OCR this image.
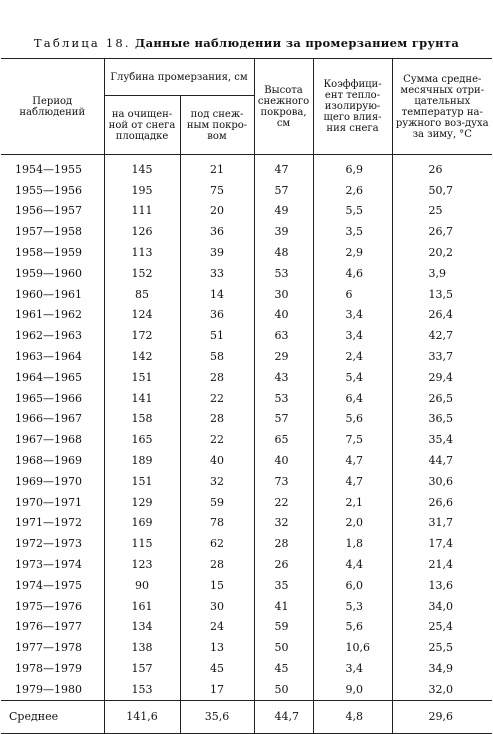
Таблица 18. Данные наблюдении за промерзанием грунта
Период наблюдений	Глубина промерзания, см		Высота снежного покрова, см	Коэффици-ент тепло-изолирую-щего влия-ния снега	Сумма средне-месячных отри-цательных температур на-ружного воз-духа за зиму, °С
	на очищен-ной от снега площадке	под снеж-ным покро-вом			
1954—1955	145	21	47	6,9	26
1955—1956	195	75	57	2,6	50,7
1956—1957	111	20	49	5,5	25
1957—1958	126	36	39	3,5	26,7
1958—1959	113	39	48	2,9	20,2
1959—1960	152	33	53	4,6	3,9
1960—1961	85	14	30	6	13,5
1961—1962	124	36	40	3,4	26,4
1962—1963	172	51	63	3,4	42,7
1963—1964	142	58	29	2,4	33,7
1964—1965	151	28	43	5,4	29,4
1965—1966	141	22	53	6,4	26,5
1966—1967	158	28	57	5,6	36,5
1967—1968	165	22	65	7,5	35,4
1968—1969	189	40	40	4,7	44,7
1969—1970	151	32	73	4,7	30,6
1970—1971	129	59	22	2,1	26,6
1971—1972	169	78	32	2,0	31,7
1972—1973	115	62	28	1,8	17,4
1973—1974	123	28	26	4,4	21,4
1974—1975	90	15	35	6,0	13,6
1975—1976	161	30	41	5,3	34,0
1976—1977	134	24	59	5,6	25,4
1977—1978	138	13	50	10,6	25,5
1978—1979	157	45	45	3,4	34,9
1979—1980	153	17	50	9,0	32,0
Среднее	141,6	35,6	44,7	4,8	29,6
